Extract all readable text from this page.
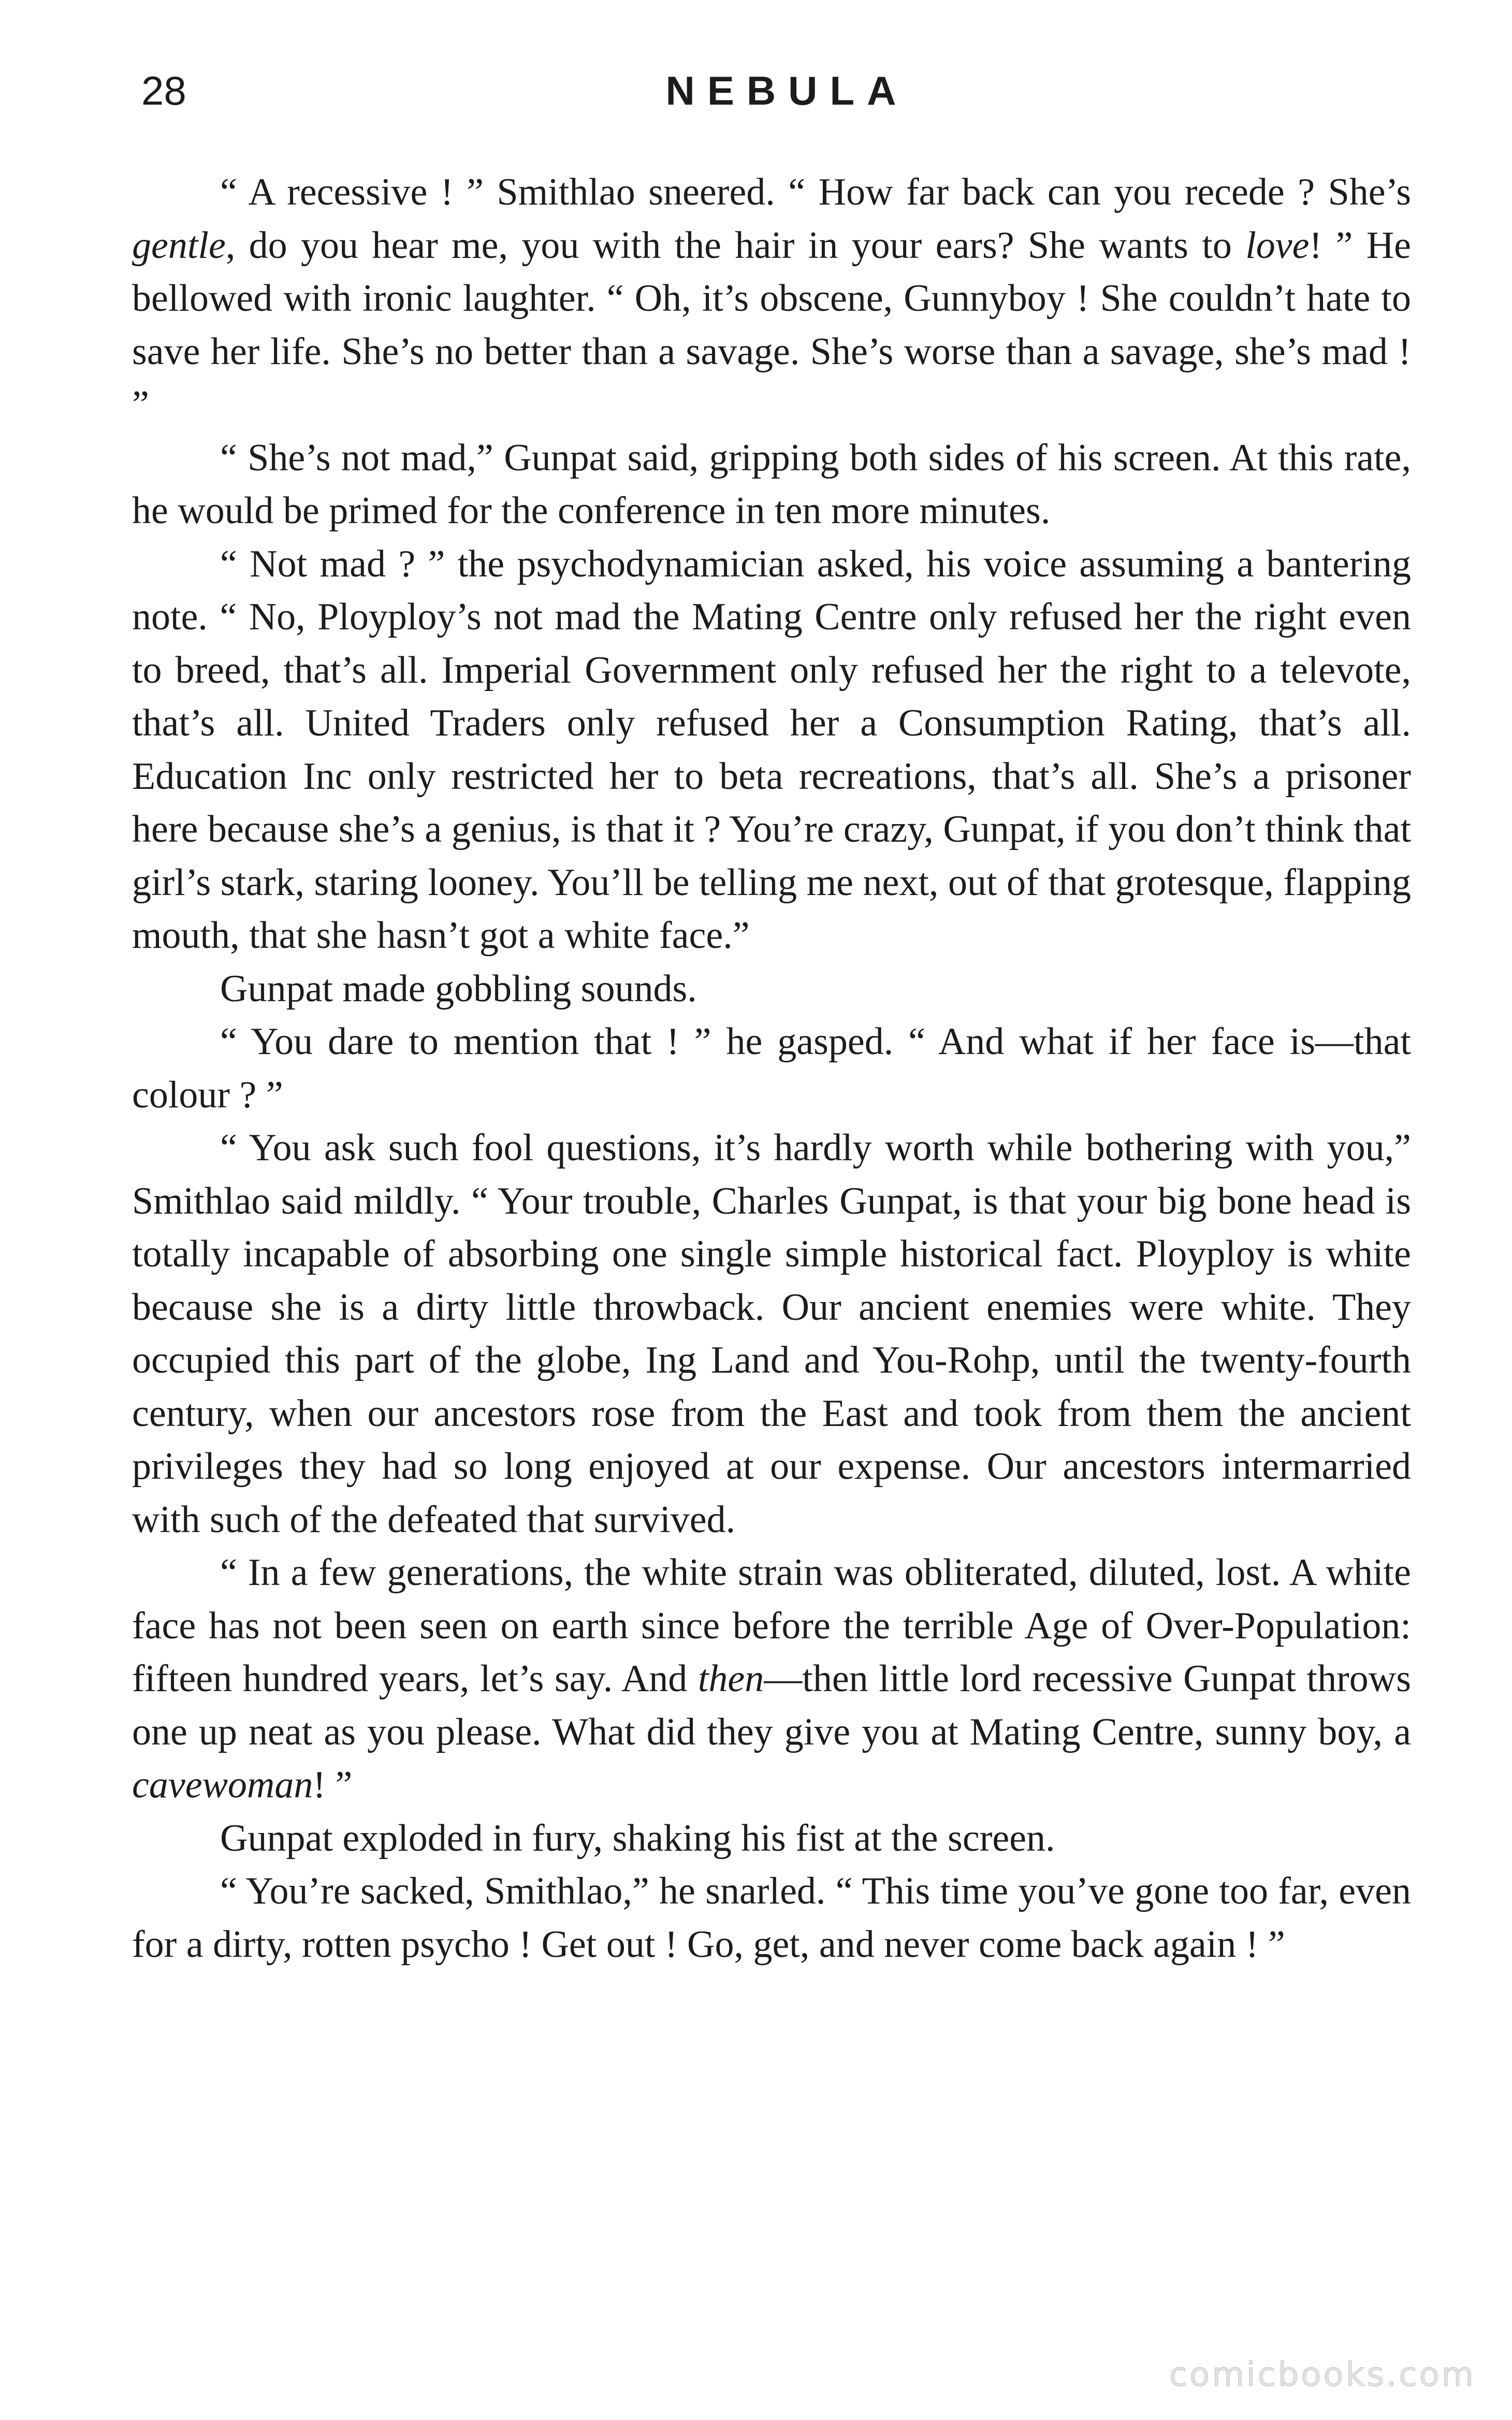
28	NEBULA

“ A recessive ! ” Smithlao sneered. “ How far back can you recede ? She’s gentle, do you hear me, you with the hair in your ears? She wants to love! ” He bellowed with ironic laughter. “ Oh, it’s obscene, Gunnyboy ! She couldn’t hate to save her life. She’s no better than a savage. She’s worse than a savage, she’s mad ! ”

“ She’s not mad,” Gunpat said, gripping both sides of his screen. At this rate, he would be primed for the conference in ten more minutes.

“ Not mad ? ” the psychodynamician asked, his voice assuming a bantering note. “ No, Ployploy’s not mad the Mating Centre only refused her the right even to breed, that’s all. Imperial Government only refused her the right to a televote, that’s all. United Traders only refused her a Consumption Rating, that’s all. Education Inc only restricted her to beta recreations, that’s all. She’s a prisoner here because she’s a genius, is that it ? You’re crazy, Gunpat, if you don’t think that girl’s stark, staring looney. You’ll be telling me next, out of that grotesque, flapping mouth, that she hasn’t got a white face.”

Gunpat made gobbling sounds.

“ You dare to mention that ! ” he gasped. “ And what if her face is—that colour ? ”

“ You ask such fool questions, it’s hardly worth while bothering with you,” Smithlao said mildly. “ Your trouble, Charles Gunpat, is that your big bone head is totally incapable of absorbing one single simple historical fact. Ployploy is white because she is a dirty little throwback. Our ancient enemies were white. They occupied this part of the globe, Ing Land and You-Rohp, until the twenty-fourth century, when our ancestors rose from the East and took from them the ancient privileges they had so long enjoyed at our expense. Our ancestors intermarried with such of the defeated that survived.

“ In a few generations, the white strain was obliterated, diluted, lost. A white face has not been seen on earth since before the terrible Age of Over-Population: fifteen hundred years, let’s say. And then—then little lord recessive Gunpat throws one up neat as you please. What did they give you at Mating Centre, sunny boy, a cavewoman! ”

Gunpat exploded in fury, shaking his fist at the screen.

“ You’re sacked, Smithlao,” he snarled. “ This time you’ve gone too far, even for a dirty, rotten psycho ! Get out ! Go, get, and never come back again ! ”

comicbooks.com
